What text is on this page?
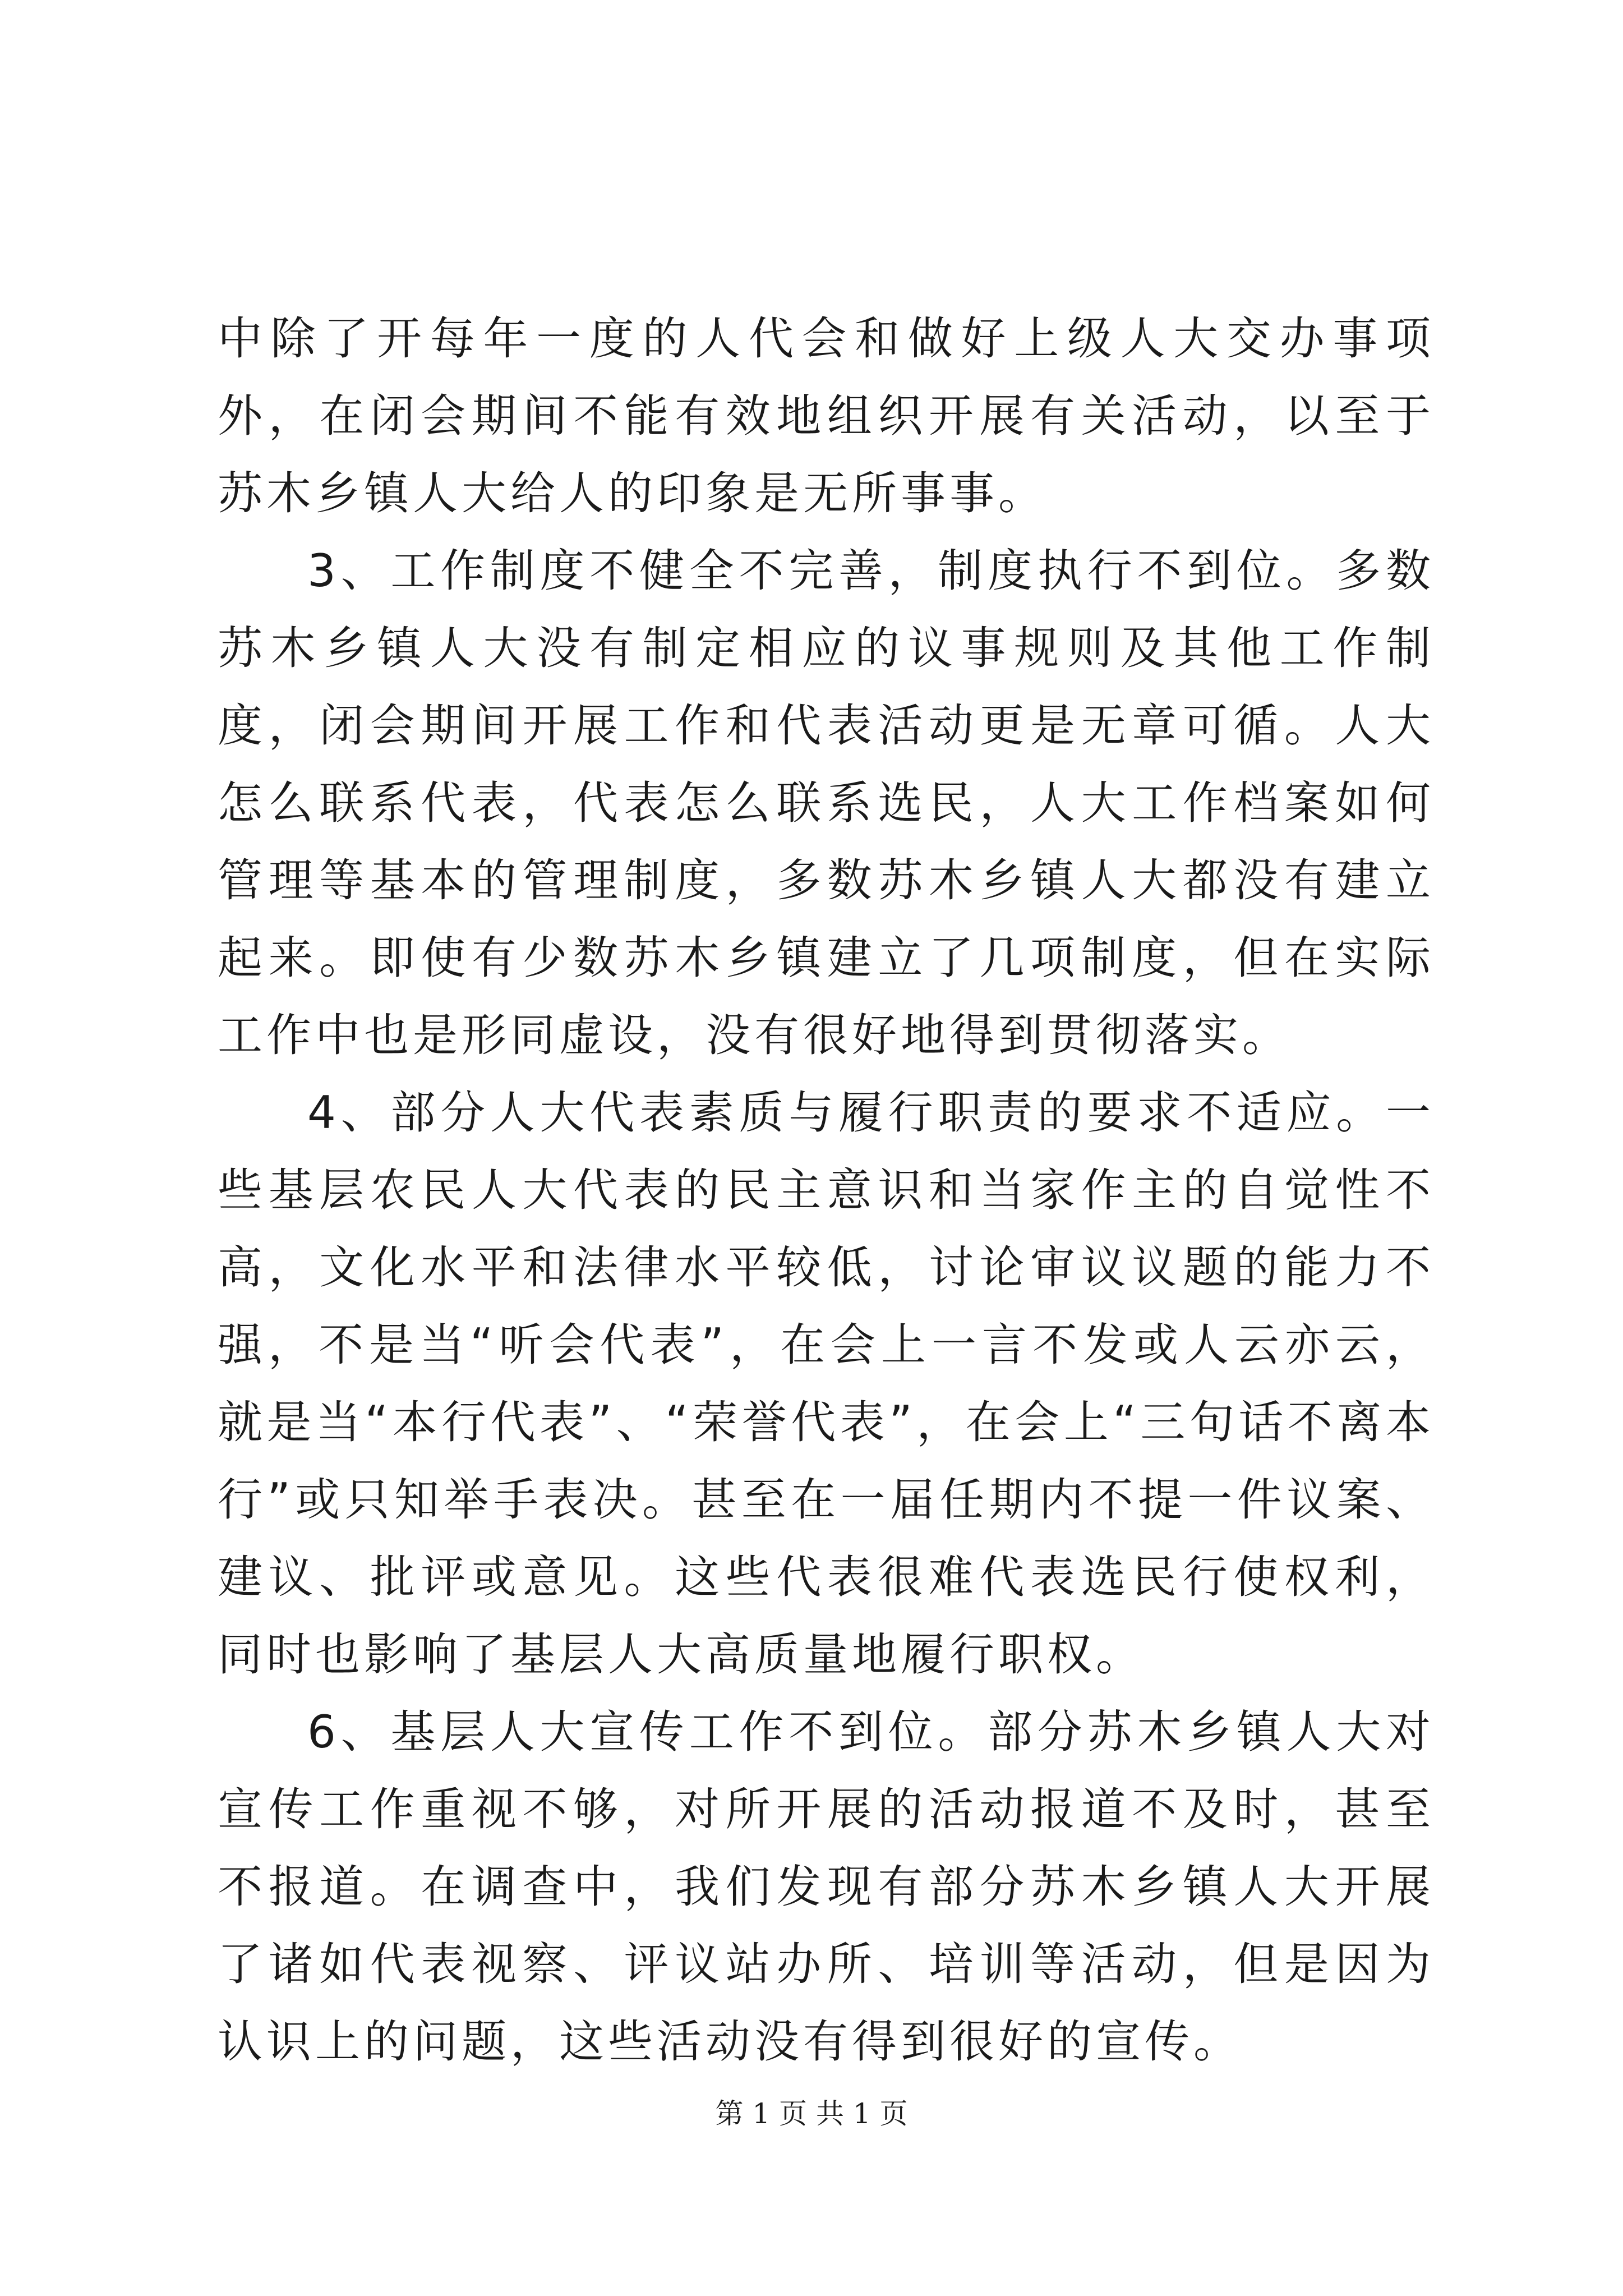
中除了开每年一度的人代会和做好上级人大交办事项外，在闭会期间不能有效地组织开展有关活动，以至于苏木乡镇人大给人的印象是无所事事。

3、工作制度不健全不完善，制度执行不到位。多数苏木乡镇人大没有制定相应的议事规则及其他工作制度，闭会期间开展工作和代表活动更是无章可循。人大怎么联系代表，代表怎么联系选民，人大工作档案如何管理等基本的管理制度，多数苏木乡镇人大都没有建立起来。即使有少数苏木乡镇建立了几项制度，但在实际工作中也是形同虚设，没有很好地得到贯彻落实。

4、部分人大代表素质与履行职责的要求不适应。一些基层农民人大代表的民主意识和当家作主的自觉性不高，文化水平和法律水平较低，讨论审议议题的能力不强，不是当“听会代表”，在会上一言不发或人云亦云，就是当“本行代表”、“荣誉代表”，在会上“三句话不离本行”或只知举手表决。甚至在一届任期内不提一件议案、建议、批评或意见。这些代表很难代表选民行使权利，同时也影响了基层人大高质量地履行职权。

6、基层人大宣传工作不到位。部分苏木乡镇人大对宣传工作重视不够，对所开展的活动报道不及时，甚至不报道。在调查中，我们发现有部分苏木乡镇人大开展了诸如代表视察、评议站办所、培训等活动，但是因为认识上的问题，这些活动没有得到很好的宣传。

第 1 页 共 1 页
